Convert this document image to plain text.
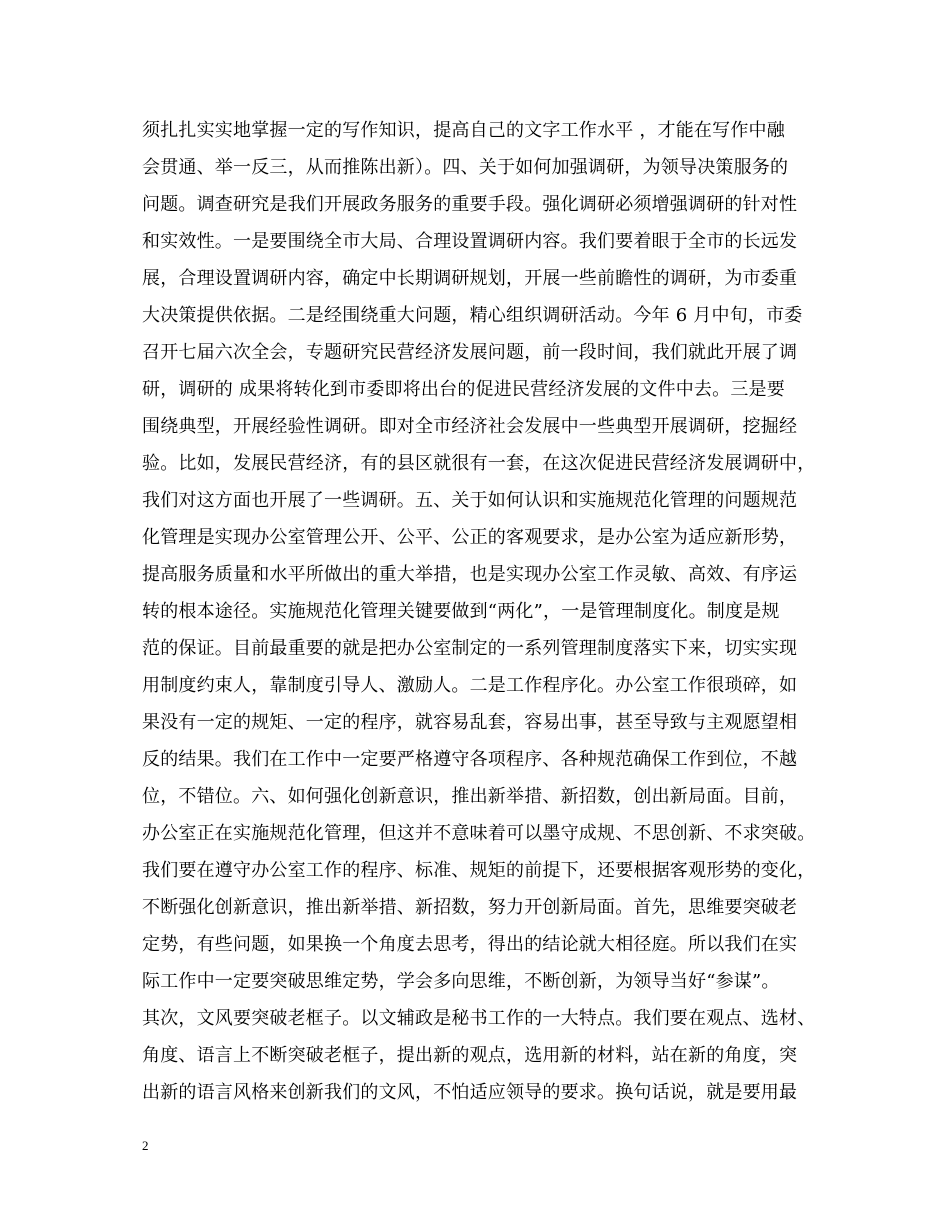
须扎扎实实地掌握一定的写作知识，提高自己的文字工作水平 ，才能在写作中融
会贯通、举一反三，从而推陈出新）。四、关于如何加强调研，为领导决策服务的
问题。调查研究是我们开展政务服务的重要手段。强化调研必须增强调研的针对性
和实效性。一是要围绕全市大局、合理设置调研内容。我们要着眼于全市的长远发
展，合理设置调研内容，确定中长期调研规划，开展一些前瞻性的调研，为市委重
大决策提供依据。二是经围绕重大问题，精心组织调研活动。今年 6 月中旬，市委
召开七届六次全会，专题研究民营经济发展问题，前一段时间，我们就此开展了调
研，调研的 成果将转化到市委即将出台的促进民营经济发展的文件中去。三是要
围绕典型，开展经验性调研。即对全市经济社会发展中一些典型开展调研，挖掘经
验。比如，发展民营经济，有的县区就很有一套，在这次促进民营经济发展调研中，
我们对这方面也开展了一些调研。五、关于如何认识和实施规范化管理的问题规范
化管理是实现办公室管理公开、公平、公正的客观要求，是办公室为适应新形势，
提高服务质量和水平所做出的重大举措，也是实现办公室工作灵敏、高效、有序运
转的根本途径。实施规范化管理关键要做到“两化”，一是管理制度化。制度是规
范的保证。目前最重要的就是把办公室制定的一系列管理制度落实下来，切实实现
用制度约束人，靠制度引导人、激励人。二是工作程序化。办公室工作很琐碎，如
果没有一定的规矩、一定的程序，就容易乱套，容易出事，甚至导致与主观愿望相
反的结果。我们在工作中一定要严格遵守各项程序、各种规范确保工作到位，不越
位，不错位。六、如何强化创新意识，推出新举措、新招数，创出新局面。目前，
办公室正在实施规范化管理，但这并不意味着可以墨守成规、不思创新、不求突破。
我们要在遵守办公室工作的程序、标准、规矩的前提下，还要根据客观形势的变化，
不断强化创新意识，推出新举措、新招数，努力开创新局面。首先，思维要突破老
定势，有些问题，如果换一个角度去思考，得出的结论就大相径庭。所以我们在实
际工作中一定要突破思维定势，学会多向思维，不断创新，为领导当好“参谋”。
其次，文风要突破老框子。以文辅政是秘书工作的一大特点。我们要在观点、选材、
角度、语言上不断突破老框子，提出新的观点，选用新的材料，站在新的角度，突
出新的语言风格来创新我们的文风，不怕适应领导的要求。换句话说，就是要用最
2
